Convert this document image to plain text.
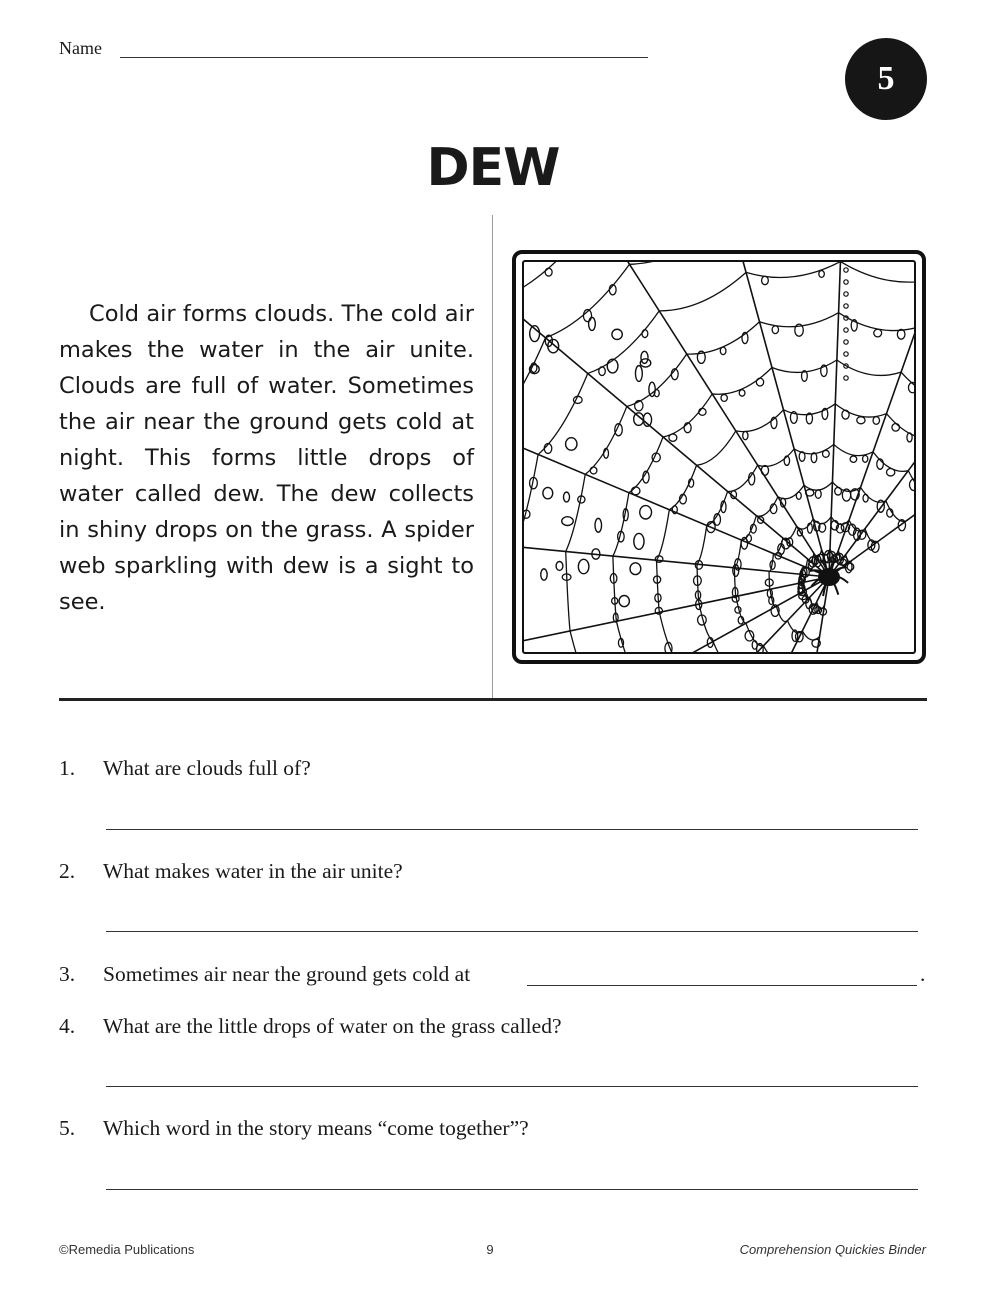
Name
5
DEW

Cold air forms clouds. The cold air makes the water in the air unite. Clouds are full of water. Sometimes the air near the ground gets cold at night. This forms little drops of water called dew. The dew collects in shiny drops on the grass. A spider web sparkling with dew is a sight to see.

1. What are clouds full of?
2. What makes water in the air unite?
3. Sometimes air near the ground gets cold at	.
4. What are the little drops of water on the grass called?
5. Which word in the story means “come together”?
©Remedia Publications	9	Comprehension Quickies Binder
